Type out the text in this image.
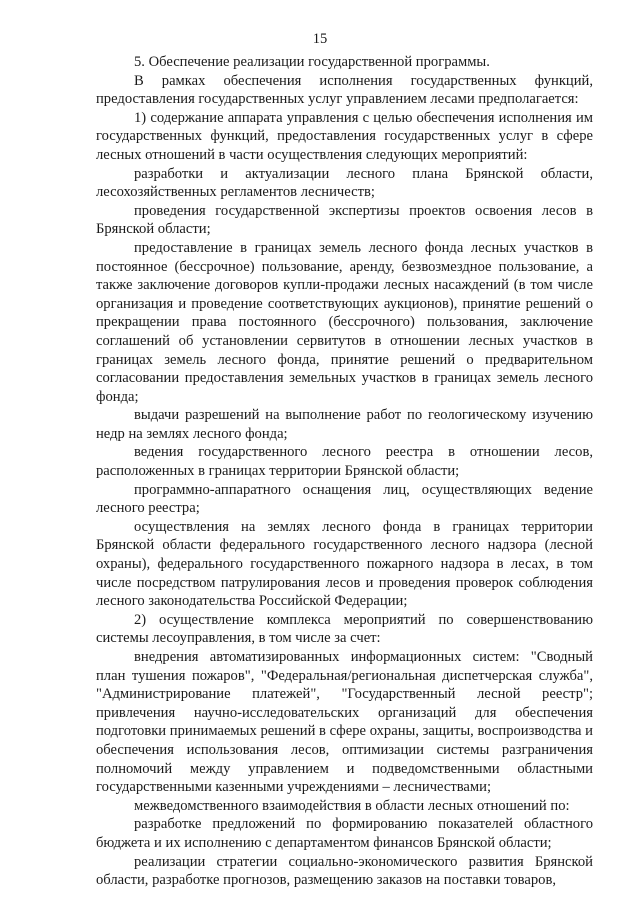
15

5. Обеспечение реализации государственной программы.

В рамках обеспечения исполнения государственных функций, предоставления государственных услуг управлением лесами предполагается:

1) содержание аппарата управления с целью обеспечения исполнения им государственных функций, предоставления государственных услуг в сфере лесных отношений в части осуществления следующих мероприятий:

разработки и актуализации лесного плана Брянской области, лесохозяйственных регламентов лесничеств;

проведения государственной экспертизы проектов освоения лесов в Брянской области;

предоставление в границах земель лесного фонда лесных участков в постоянное (бессрочное) пользование, аренду, безвозмездное пользование, а также заключение договоров купли-продажи лесных насаждений (в том числе организация и проведение соответствующих аукционов), принятие решений о прекращении права постоянного (бессрочного) пользования, заключение соглашений об установлении сервитутов в отношении лесных участков в границах земель лесного фонда, принятие решений о предварительном согласовании предоставления земельных участков в границах земель лесного фонда;

выдачи разрешений на выполнение работ по геологическому изучению недр на землях лесного фонда;

ведения государственного лесного реестра в отношении лесов, расположенных в границах территории Брянской области;

программно-аппаратного оснащения лиц, осуществляющих ведение лесного реестра;

осуществления на землях лесного фонда в границах территории Брянской области федерального государственного лесного надзора (лесной охраны), федерального государственного пожарного надзора в лесах, в том числе посредством патрулирования лесов и проведения проверок соблюдения лесного законодательства Российской Федерации;

2) осуществление комплекса мероприятий по совершенствованию системы лесоуправления, в том числе за счет:

внедрения автоматизированных информационных систем: "Сводный план тушения пожаров", "Федеральная/региональная диспетчерская служба", "Администрирование платежей", "Государственный лесной реестр"; привлечения научно-исследовательских организаций для обеспечения подготовки принимаемых решений в сфере охраны, защиты, воспроизводства и обеспечения использования лесов, оптимизации системы разграничения полномочий между управлением и подведомственными областными государственными казенными учреждениями – лесничествами;

межведомственного взаимодействия в области лесных отношений по:

разработке предложений по формированию показателей областного бюджета и их исполнению с департаментом финансов Брянской области;

реализации стратегии социально-экономического развития Брянской области, разработке прогнозов, размещению заказов на поставки товаров,
